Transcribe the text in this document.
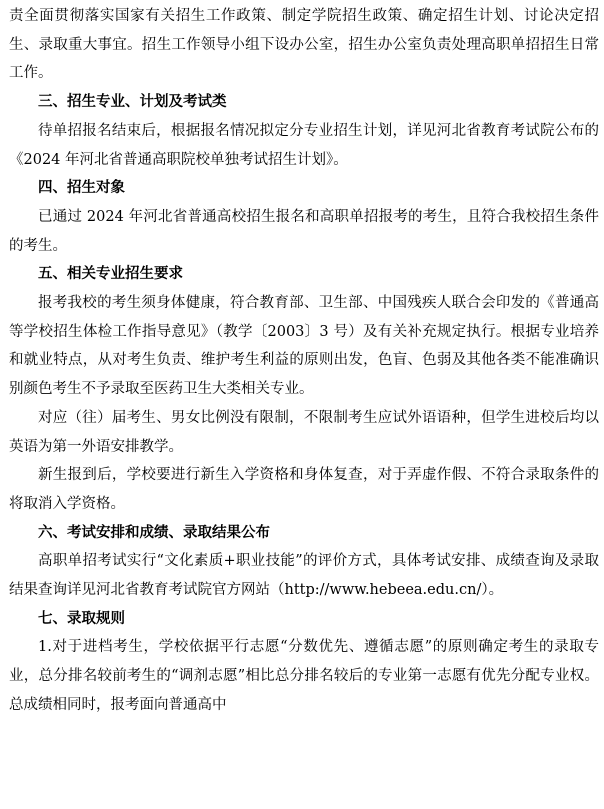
责全面贯彻落实国家有关招生工作政策、制定学院招生政策、确定招生计划、讨论决定招生、录取重大事宜。招生工作领导小组下设办公室，招生办公室负责处理高职单招招生日常工作。

三、招生专业、计划及考试类

待单招报名结束后，根据报名情况拟定分专业招生计划，详见河北省教育考试院公布的《2024 年河北省普通高职院校单独考试招生计划》。

四、招生对象

已通过 2024 年河北省普通高校招生报名和高职单招报考的考生，且符合我校招生条件的考生。

五、相关专业招生要求

报考我校的考生须身体健康，符合教育部、卫生部、中国残疾人联合会印发的《普通高等学校招生体检工作指导意见》（教学〔2003〕3 号）及有关补充规定执行。根据专业培养和就业特点，从对考生负责、维护考生利益的原则出发，色盲、色弱及其他各类不能准确识别颜色考生不予录取至医药卫生大类相关专业。

对应（往）届考生、男女比例没有限制，不限制考生应试外语语种，但学生进校后均以英语为第一外语安排教学。

新生报到后，学校要进行新生入学资格和身体复查，对于弄虚作假、不符合录取条件的将取消入学资格。

六、考试安排和成绩、录取结果公布

高职单招考试实行“文化素质+职业技能”的评价方式，具体考试安排、成绩查询及录取结果查询详见河北省教育考试院官方网站（http://www.hebeea.edu.cn/）。

七、录取规则

1.对于进档考生，学校依据平行志愿“分数优先、遵循志愿”的原则确定考生的录取专业，总分排名较前考生的“调剂志愿”相比总分排名较后的专业第一志愿有优先分配专业权。总成绩相同时，报考面向普通高中
